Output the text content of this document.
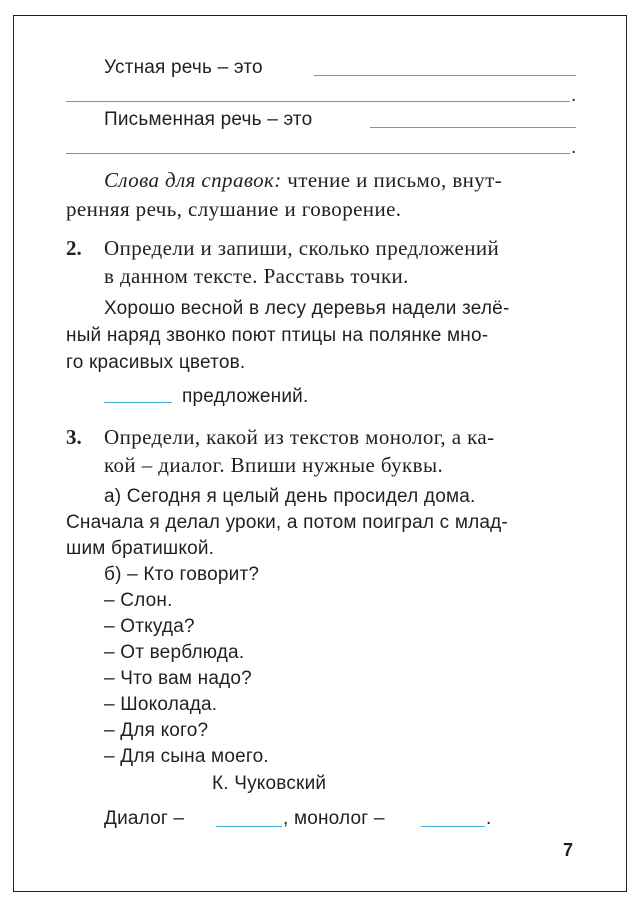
Устная речь – это
.
Письменная речь – это
.
Слова для справок: чтение и письмо, внут-
ренняя речь, слушание и говорение.
2. Определи и запиши, сколько предложений
в данном тексте. Расставь точки.
Хорошо весной в лесу деревья надели зелё-
ный наряд звонко поют птицы на полянке мно-
го красивых цветов.
предложений.
3. Определи, какой из текстов монолог, а ка-
кой – диалог. Впиши нужные буквы.
а) Сегодня я целый день просидел дома.
Сначала я делал уроки, а потом поиграл с млад-
шим братишкой.
б) – Кто говорит?
– Слон.
– Откуда?
– От верблюда.
– Что вам надо?
– Шоколада.
– Для кого?
– Для сына моего.
К. Чуковский
Диалог –	, монолог –	.
7
